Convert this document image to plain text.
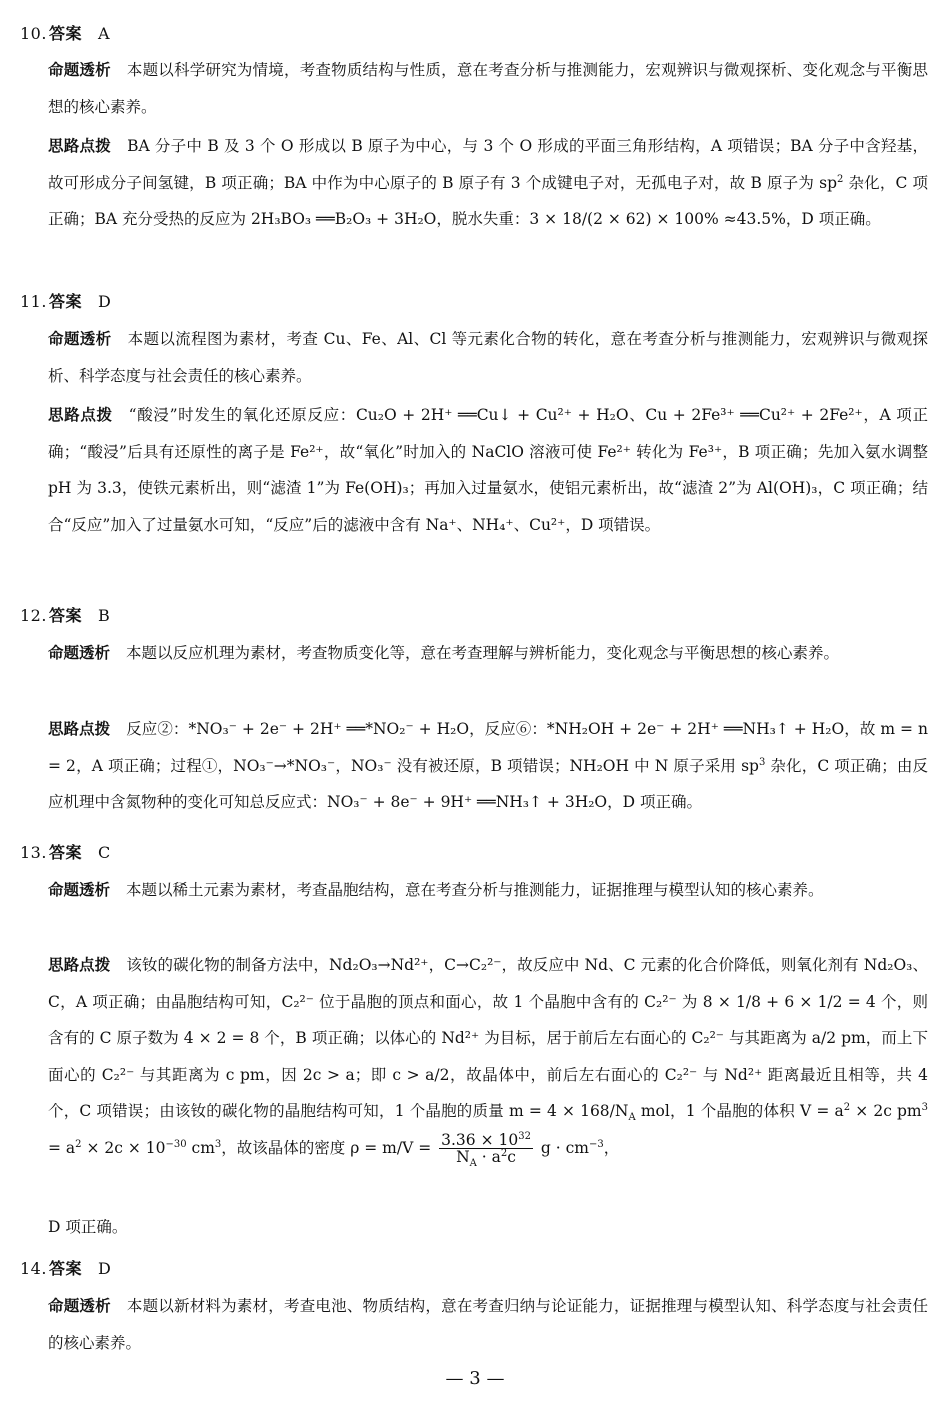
10. 答案 A
命题透析 本题以科学研究为情境，考查物质结构与性质，意在考查分析与推测能力，宏观辨识与微观探析、变化观念与平衡思想的核心素养。
思路点拨 BA 分子中 B 及 3 个 O 形成以 B 原子为中心，与 3 个 O 形成的平面三角形结构，A 项错误；BA 分子中含羟基，故可形成分子间氢键，B 项正确；BA 中作为中心原子的 B 原子有 3 个成键电子对，无孤电子对，故 B 原子为 $sp^2$ 杂化，C 项正确；BA 充分受热的反应为 2H₃BO₃ ══B₂O₃ + 3H₂O，脱水失重：3 × 18/(2 × 62) × 100% ≈43.5%，D 项正确。
11. 答案 D
命题透析 本题以流程图为素材，考查 Cu、Fe、Al、Cl 等元素化合物的转化，意在考查分析与推测能力，宏观辨识与微观探析、科学态度与社会责任的核心素养。
思路点拨 “酸浸”时发生的氧化还原反应：Cu₂O + 2H⁺ ══Cu↓ + Cu²⁺ + H₂O、Cu + 2Fe³⁺ ══Cu²⁺ + 2Fe²⁺，A 项正确；“酸浸”后具有还原性的离子是 Fe²⁺，故“氧化”时加入的 NaClO 溶液可使 Fe²⁺ 转化为 Fe³⁺，B 项正确；先加入氨水调整 pH 为 3.3，使铁元素析出，则“滤渣 1”为 Fe(OH)₃；再加入过量氨水，使铝元素析出，故“滤渣 2”为 Al(OH)₃，C 项正确；结合“反应”加入了过量氨水可知，“反应”后的滤液中含有 Na⁺、NH₄⁺、Cu²⁺，D 项错误。
12. 答案 B
命题透析 本题以反应机理为素材，考查物质变化等，意在考查理解与辨析能力，变化观念与平衡思想的核心素养。
思路点拨 反应②：*NO₃⁻ + 2e⁻ + 2H⁺ ══*NO₂⁻ + H₂O，反应⑥：*NH₂OH + 2e⁻ + 2H⁺ ══NH₃↑ + H₂O，故 m = n = 2，A 项正确；过程①，NO₃⁻→*NO₃⁻，NO₃⁻ 没有被还原，B 项错误；NH₂OH 中 N 原子采用 $sp^3$ 杂化，C 项正确；由反应机理中含氮物种的变化可知总反应式：NO₃⁻ + 8e⁻ + 9H⁺ ══NH₃↑ + 3H₂O，D 项正确。
13. 答案 C
命题透析 本题以稀土元素为素材，考查晶胞结构，意在考查分析与推测能力，证据推理与模型认知的核心素养。
思路点拨 该钕的碳化物的制备方法中，Nd₂O₃→Nd²⁺，C→C₂²⁻，故反应中 Nd、C 元素的化合价降低，则氧化剂有 Nd₂O₃、C，A 项正确；由晶胞结构可知，C₂²⁻ 位于晶胞的顶点和面心，故 1 个晶胞中含有的 C₂²⁻ 为 8 × 1/8 + 6 × 1/2 = 4 个，则含有的 C 原子数为 4 × 2 = 8 个，B 项正确；以体心的 Nd²⁺ 为目标，居于前后左右面心的 C₂²⁻ 与其距离为 a/2 pm，而上下面心的 C₂²⁻ 与其距离为 c pm，因 2c > a；即 c > a/2，故晶体中，前后左右面心的 C₂²⁻ 与 Nd²⁺ 距离最近且相等，共 4 个，C 项错误；由该钕的碳化物的晶胞结构可知，1 个晶胞的质量 $m = 4 \times 168/N_A$ mol，1 个晶胞的体积 $V = a^2 \times 2c$ $pm^3 = a^2 \times 2c \times 10^{-30}$ $cm^3$，故该晶体的密度 $\rho = m/V = \frac{3.36 \times 10^{32}}{N_A \cdot a^2c}$ $g \cdot cm^{-3}$，
D 项正确。
14. 答案 D
命题透析 本题以新材料为素材，考查电池、物质结构，意在考查归纳与论证能力，证据推理与模型认知、科学态度与社会责任的核心素养。
— 3 —
